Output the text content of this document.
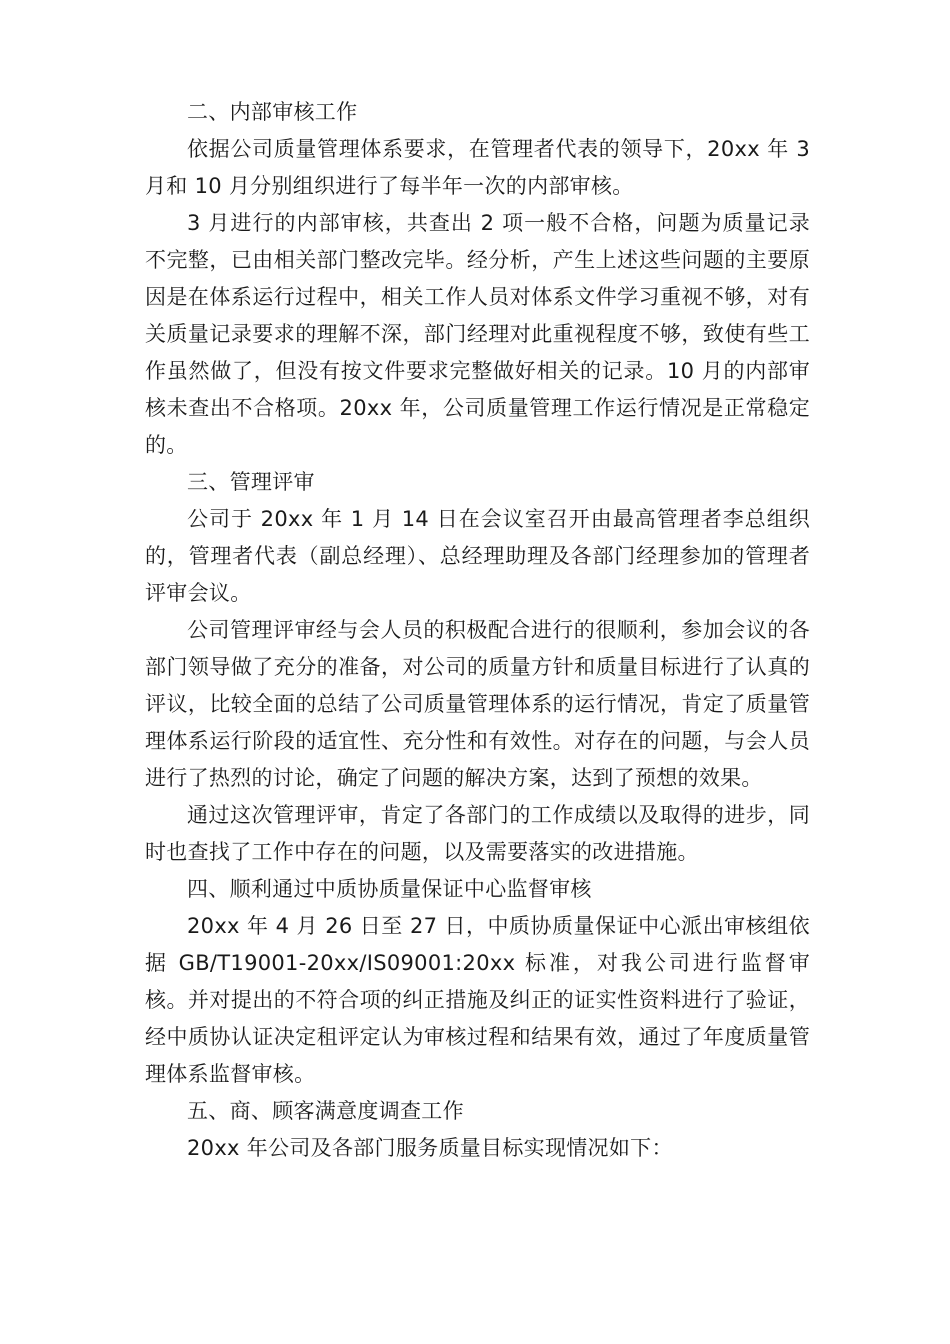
二、内部审核工作

依据公司质量管理体系要求，在管理者代表的领导下，20xx 年 3 月和 10 月分别组织进行了每半年一次的内部审核。

3 月进行的内部审核，共查出 2 项一般不合格，问题为质量记录不完整，已由相关部门整改完毕。经分析，产生上述这些问题的主要原因是在体系运行过程中，相关工作人员对体系文件学习重视不够，对有关质量记录要求的理解不深，部门经理对此重视程度不够，致使有些工作虽然做了，但没有按文件要求完整做好相关的记录。10 月的内部审核未查出不合格项。20xx 年，公司质量管理工作运行情况是正常稳定的。

三、管理评审

公司于 20xx 年 1 月 14 日在会议室召开由最高管理者李总组织的，管理者代表（副总经理）、总经理助理及各部门经理参加的管理者评审会议。

公司管理评审经与会人员的积极配合进行的很顺利，参加会议的各部门领导做了充分的准备，对公司的质量方针和质量目标进行了认真的评议，比较全面的总结了公司质量管理体系的运行情况，肯定了质量管理体系运行阶段的适宜性、充分性和有效性。对存在的问题，与会人员进行了热烈的讨论，确定了问题的解决方案，达到了预想的效果。

通过这次管理评审，肯定了各部门的工作成绩以及取得的进步，同时也查找了工作中存在的问题，以及需要落实的改进措施。

四、顺利通过中质协质量保证中心监督审核

20xx 年 4 月 26 日至 27 日，中质协质量保证中心派出审核组依据 GB/T19001-20xx/IS09001:20xx 标准，对我公司进行监督审核。并对提出的不符合项的纠正措施及纠正的证实性资料进行了验证，经中质协认证决定租评定认为审核过程和结果有效，通过了年度质量管理体系监督审核。

五、商、顾客满意度调查工作

20xx 年公司及各部门服务质量目标实现情况如下：
